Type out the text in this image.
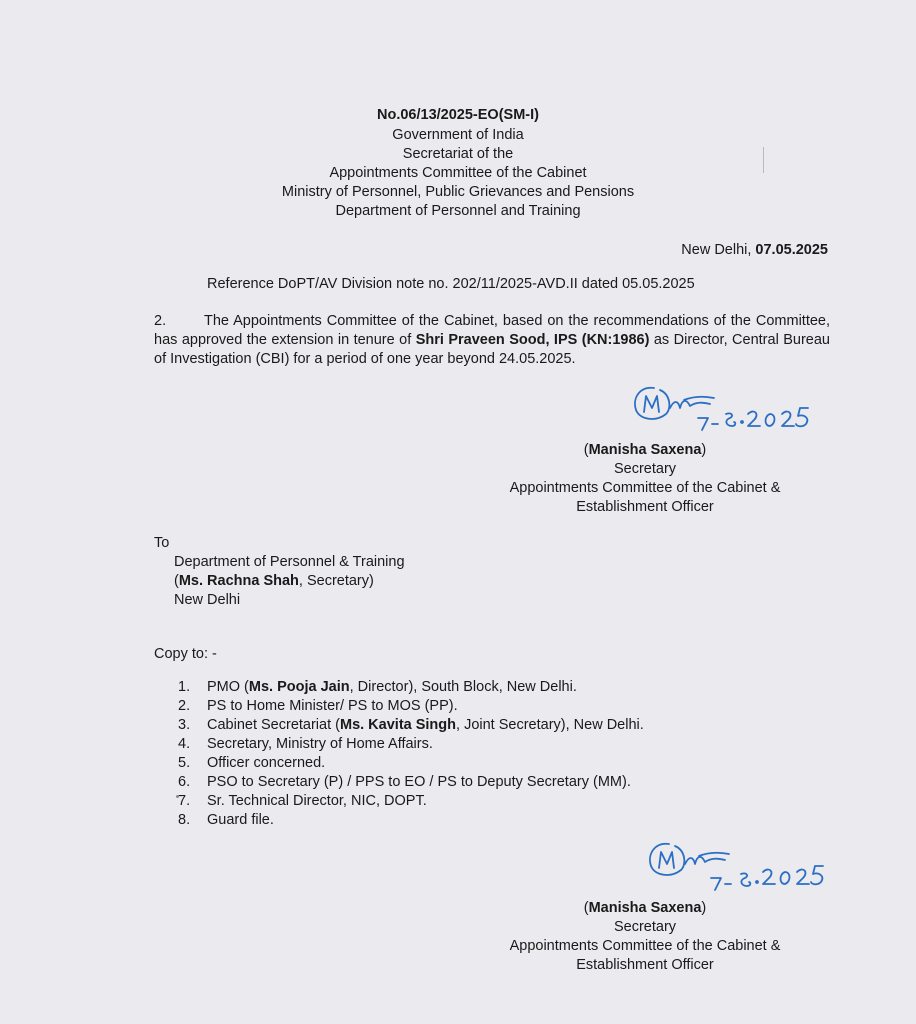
No.06/13/2025-EO(SM-I)
Government of India
Secretariat of the
Appointments Committee of the Cabinet
Ministry of Personnel, Public Grievances and Pensions
Department of Personnel and Training
New Delhi, 07.05.2025
Reference DoPT/AV Division note no. 202/11/2025-AVD.II dated 05.05.2025
2.	The Appointments Committee of the Cabinet, based on the recommendations of the Committee, has approved the extension in tenure of Shri Praveen Sood, IPS (KN:1986) as Director, Central Bureau of Investigation (CBI) for a period of one year beyond 24.05.2025.
(Manisha Saxena)
Secretary
Appointments Committee of the Cabinet &
Establishment Officer
To
Department of Personnel & Training
(Ms. Rachna Shah, Secretary)
New Delhi
Copy to: -
1.	PMO ( Ms. Pooja Jain , Director), South Block, New Delhi.
2.	PS to Home Minister/ PS to MOS (PP).
3.	Cabinet Secretariat ( Ms. Kavita Singh , Joint Secretary), New Delhi.
4.	Secretary, Ministry of Home Affairs.
5.	Officer concerned.
6.	PSO to Secretary (P) / PPS to EO / PS to Deputy Secretary (MM).
7.	Sr. Technical Director, NIC, DOPT.
8.	Guard file.
(Manisha Saxena)
Secretary
Appointments Committee of the Cabinet &
Establishment Officer
